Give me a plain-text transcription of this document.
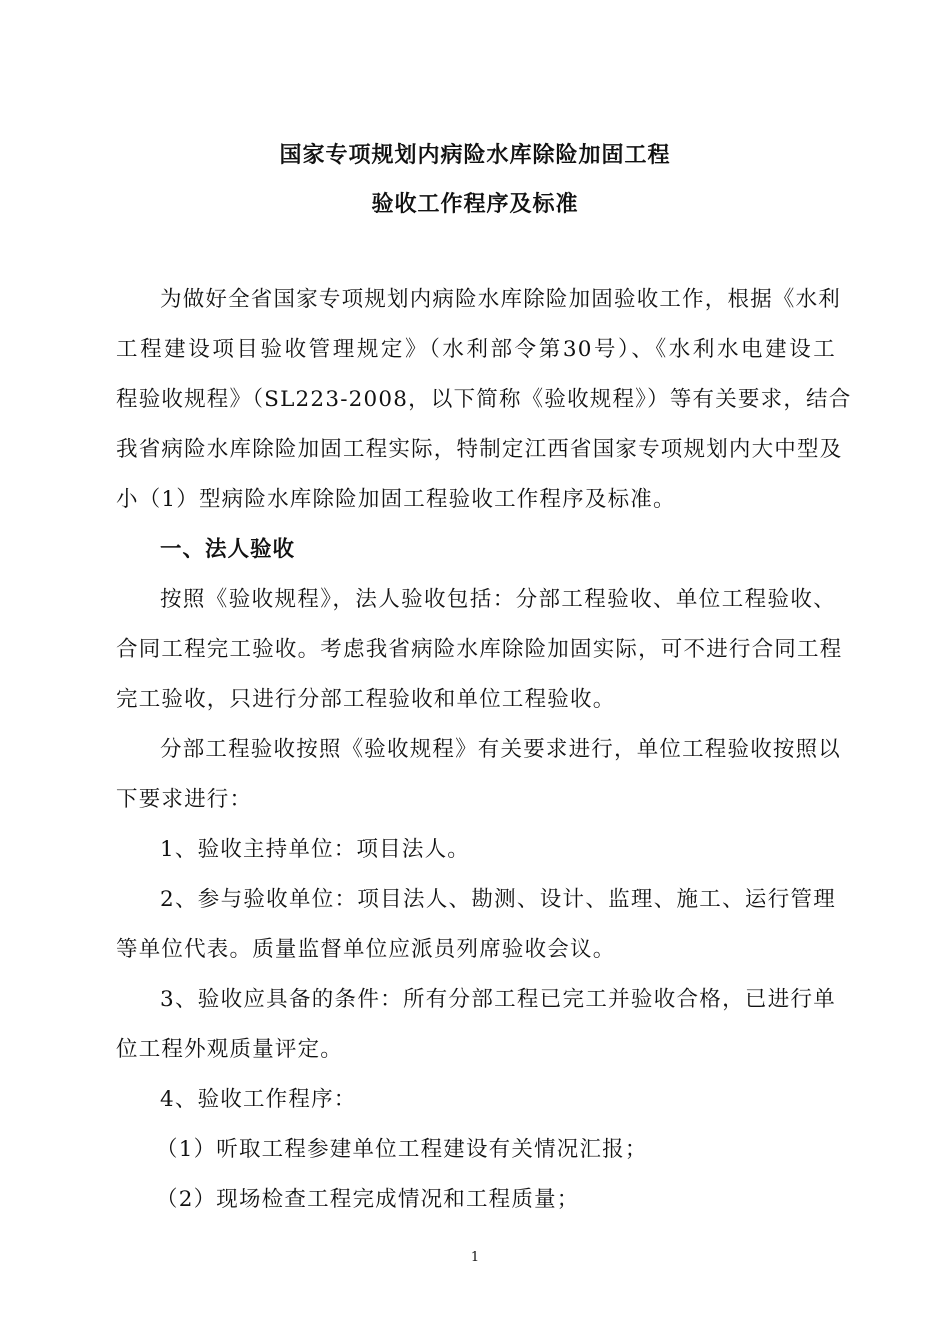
国家专项规划内病险水库除险加固工程
验收工作程序及标准
为做好全省国家专项规划内病险水库除险加固验收工作，根据《水利
工程建设项目验收管理规定》（水利部令第30号）、《水利水电建设工
程验收规程》（SL223-2008，以下简称《验收规程》）等有关要求，结合
我省病险水库除险加固工程实际，特制定江西省国家专项规划内大中型及
小（1）型病险水库除险加固工程验收工作程序及标准。
一、法人验收
按照《验收规程》，法人验收包括：分部工程验收、单位工程验收、
合同工程完工验收。考虑我省病险水库除险加固实际，可不进行合同工程
完工验收，只进行分部工程验收和单位工程验收。
分部工程验收按照《验收规程》有关要求进行，单位工程验收按照以
下要求进行：
1、验收主持单位：项目法人。
2、参与验收单位：项目法人、勘测、设计、监理、施工、运行管理
等单位代表。质量监督单位应派员列席验收会议。
3、验收应具备的条件：所有分部工程已完工并验收合格，已进行单
位工程外观质量评定。
4、验收工作程序：
（1）听取工程参建单位工程建设有关情况汇报；
（2）现场检查工程完成情况和工程质量；
1
